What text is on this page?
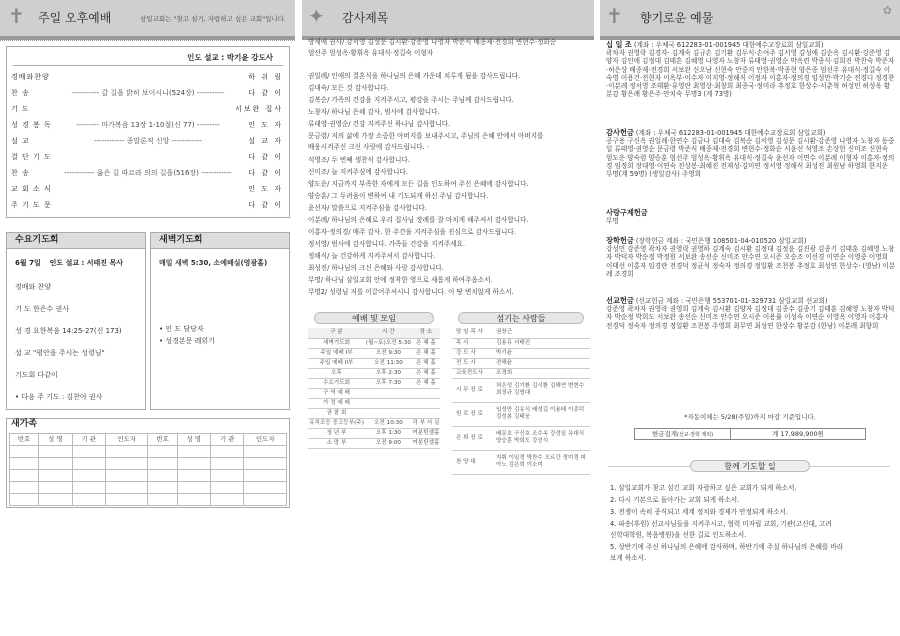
✝ 주일 오후예배	삼일교회는 "찾고 섬기, 자랑하고 싶은 교회"입니다.
인도 설교 : 박기윤 강도사
경배와찬양	하 쉬 림
찬 송	----------- 갈 길을 밝히 보이시니(524장) -----------	다 같 이
기 도	서보완 집사
성 경 봉 독	--------- 마가복음 13장 1-10절(신 77) ---------	인 도 자
설 교	------------ 종말론적 신앙 ------------	설 교 자
결 단 기 도	다 같 이
찬 송	------------ 옳은 길 따르라 의의 길을(516장) ------------	다 같 이
교 회 소 식	인 도 자
주 기 도 문	다 같 이
수요기도회
6월 7일 인도 설교 : 서태진 목사
경배와 찬양
기 도 한은수 권사
성 경 요한복음 14:25-27(신 173)
설 교 "평안을 주시는 성령님"
기도회 다같이
• 다음 주 기도 : 김찬아 권사
새벽기도회
매일 새벽 5:30, 소예배실(영광홀)
• 인 도 담당자
• 성경본문 레위기
새가족
번호	성 명	기 관	인도자	번호	성 명	기 관	인도자

✦ 감사제목
방세애 권사/ 강서영 김성문 김시환·강준영 나영자 박준식 배종제·전경희 변현수·정화순
엄선주 엄성옥·황휘옥 유대식·정길숙 이형자
권일례/ 인애의 결혼식을 하나님의 은혜 가운데 치루게 됨을 감사드립니다.
김대숙/ 모든 것 감사합니다.
김복순/ 가족의 건강을 지켜주시고, 평강을 주시는 주님께 감사드립니다.
노창자/ 하나님 은혜 감사, 범사에 감사합니다.
류태영·권영순/ 건강 지켜주신 하나님 감사합니다.
문금령/ 저의 삶에 가장 소중한 아버지를 보내주시고, 주님의 은혜 안에서 아버지를
배웅시켜주신 크신 사랑에 감사드립니다. ·
석영조/ 두 번째 생찬식 감사합니다.
신미조/ 늘 지켜주심에 감사합니다.
양도운/ 지금까지 부족한 자에게 모든 길을 인도하여 주신 은혜에 감사합니다.
양승훈/ 그 두려움이 변하여 내 기도되게 하신 주님 감사합니다.
윤선자/ 말씀으로 지켜주심을 감사합니다.
이분례/ 하나님의 은혜로 우리 집사님 장례를 잘 마치게 해주셔서 감사합니다.
이홍자·정의경/ 매주 감사. 한 주간을 지켜주심을 진심으로 감사드립니다.
정서영/ 범사에 감사합니다. 가족들 건강을 지켜주세요.
정해식/ 늘 건강하게 지켜주셔서 감사합니다.
최성진/ 하나님의 크신 은혜와 사랑 감사합니다.
무명/ 하나님 삼일교회 안에 정착한 영으로 새롭게 하여주옵소서.
무명2/ 성령님 저를 이끌어주셔시니 감사합니다. 이 땅 변치않게 하소서.
예배 및 모임
구 분	시 간	장 소
새벽기도회	(월~토)오전 5:30	은 혜 홀
주일 예배 I부	오전 9:30	은 혜 홀
주일 예배 II부	오전 11:30	은 혜 홀
오후	오후 2:30	은 혜 홀
수요기도회	오후 7:30	은 혜 홀
구 역 예 배		
가 정 예 배		
권 찰 회		
유치조등 중고등부(주)	오전 10:30	각 부 서 실
청 년 부	오후 1:30	여분틴셀홀
소 망 부	오전 9:00	여분틴셀홀
섬기는 사람들
담 임 목 사	권창근
목 사	김용유 서태진
강 도 사	박기윤
전 도 사	전해윤
교육전도사	조경희
시 무 장 로	허은성 김기환 김시환 김해연 변현수 최정규 김영대
원 로 장 로	임성만 김유식 배성길 이용태 이종덕 김성봉 김태웅
은 퇴 장 로	배문호 구신호 조수옥 강성일 유대식 양승훈 박희도 강선식
찬 양 대	지휘 이일경 박찬수 오르간 정미경 피아노 김은희 이소미
✝ 향기로운 예물
✿

십 일 조 (계좌 : 우체국 612283-01-001945 대한예수교장로회 삼일교회)

곽차자 권영락 김경자· 김계숙 김규손 김기환 김두식·손여주 김서영 김성애 김순옥 김시환·강준영 김양자 김인애 김정대 김태흔 김혜영 나영자 노창자 류태영·권영순 박옥련 박종식·김희진 박찬숙 박준자·허은상 배종제·전경희 서보완 신오남 신현숙 안중지 안한복·박종현 양은종 엄선주 유대식·정길숙 이숙영 이용건·전현자 이옥부·이수자 이지영·정해식 이정자 이홍자·정의경 임성만·박기순 전경디 정경찬·이분례 정서영 조태환·유영란 최영상·최창희 최종국·정미라 추정호 한상수·서춘혁 허성민 허성욱 황분감 황은례 황은주·안치숙 무명3 (계 73명)

감사헌금 (계좌 : 우체국 612283-01-001945 대한예수교장로회 삼일교회)

공구용 구신옥 권일례·한연수 김금나 김대숙 김복순 김서영 김성문 김시환·강준영 나영자 노창자 동중일 류태영·권영순 문금령 박준식 배종제·전경희 변현수·정화순 서윤선 석영조 손상헌 신미조 신현숙 엄도운 양숙렴 양승훈 엄선주 엄성옥·황휘옥 유대식·정길숙 윤선자 이면수 이분례 이형자 이홍자·정의경 임정희 장대영·이연숙 전상봉·최혜진 전재성·김미연 정서영 정해식 최성진 최원남 하영희 한지운 무명(계 59명) (생일감사) 주영희

사랑구제헌금

무명

장학헌금 (장학헌금 계좌 : 국민은행 108501-04-010520 삼일교회)

강성민 강준영 곽차자 권영락 권영하 김계숙 김시환 김정대 김정윤 김진광 김종기 김태훈 김혜영 노창자 박덕자 박순정 박정원 서보완 송선순 신미조 안수연 오시준 오승조 이선경 이연순 이영중 이영희 이태선 이홍자 임경란 전경덕 정균석 정숙자 정의경 정일환 조천봉 추정호 최성연 한상수· (영남) 이분례 조경희

선교헌금 (선교헌금 계좌 : 국민은행 553701-01-329731 삼일교회 선교회)

강준영 곽차자 권영락 권영희 김계숙 김시환 김양자 김정대 김종수 김종기 김태훈 김혜영 노창자 박덕자 박순정 박희도 서보완 송선순 신미조 안수연 오시준 이용률 이성숙 이연순 이영옥 이영자 이홍자 전경덕 정숙자 정의경 정일환 조천봉 주영희 최무연 최성연 한상수 황분감 (한남) 이분례 최향희

*자동이체는 5/28(주일)까지 마감 기준입니다.
현금집계(선교·장학 제외)	계 17,989,900원
함께 기도할 일
1. 삼일교회가 찾고 섬긴 교회 자랑하고 싶은 교회가 되게 하소서.
2. 다시 기본으로 돌아가는 교회 되게 하소서.
3. 전쟁이 속히 종식되고 세계 정치와 경제가 안정되게 하소서.
4. 파송(후원) 선교사님들을 지켜주시고, 협력 미자립 교회, 기관(고신대, 고려
신학대학원, 복음병원)을 선한 길로 인도하소서.
5. 상반기에 주신 하나님의 은혜에 감사하며, 하반기에 주실 하나님의 은혜를 바라
보게 하소서.
